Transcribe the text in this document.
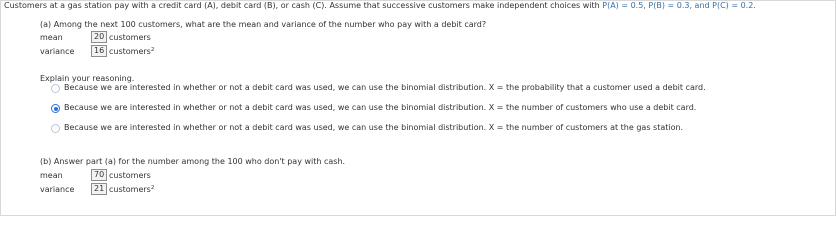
Customers at a gas station pay with a credit card (A), debit card (B), or cash (C). Assume that successive customers make independent choices with P(A) = 0.5, P(B) = 0.3, and P(C) = 0.2.
(a) Among the next 100 customers, what are the mean and variance of the number who pay with a debit card?
mean	20 customers
variance	16 customers$^2$
Explain your reasoning.
Because we are interested in whether or not a debit card was used, we can use the binomial distribution. X = the probability that a customer used a debit card.
Because we are interested in whether or not a debit card was used, we can use the binomial distribution. X = the number of customers who use a debit card.
Because we are interested in whether or not a debit card was used, we can use the binomial distribution. X = the number of customers at the gas station.
(b) Answer part (a) for the number among the 100 who don't pay with cash.
mean	70 customers
variance	21 customers$^2$
